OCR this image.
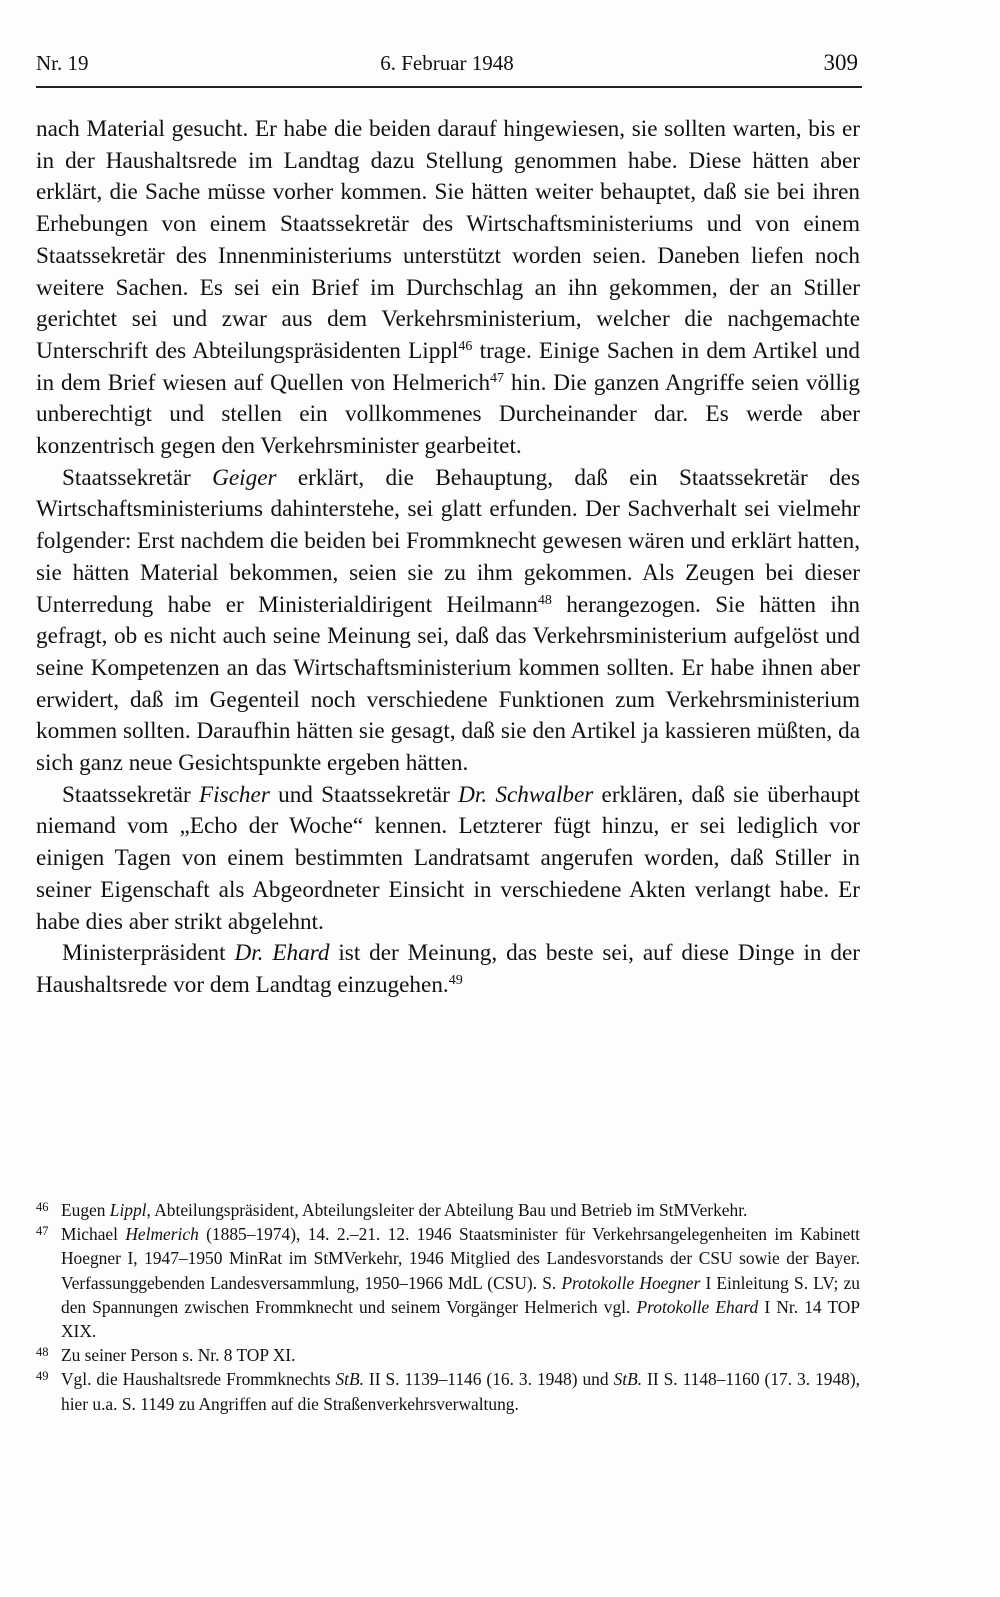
Nr. 19	6. Februar 1948	309

nach Material gesucht. Er habe die beiden darauf hingewiesen, sie sollten warten, bis er in der Haushaltsrede im Landtag dazu Stellung genommen habe. Diese hätten aber erklärt, die Sache müsse vorher kommen. Sie hätten weiter behauptet, daß sie bei ihren Erhebungen von einem Staatssekretär des Wirtschaftsministeriums und von einem Staatssekretär des Innenministeriums unterstützt worden seien. Daneben liefen noch weitere Sachen. Es sei ein Brief im Durchschlag an ihn gekommen, der an Stiller gerichtet sei und zwar aus dem Verkehrsministerium, welcher die nachgemachte Unterschrift des Abteilungspräsidenten Lippl$^{46}$ trage. Einige Sachen in dem Artikel und in dem Brief wiesen auf Quellen von Helmerich$^{47}$ hin. Die ganzen Angriffe seien völlig unberechtigt und stellen ein vollkommenes Durcheinander dar. Es werde aber konzentrisch gegen den Verkehrsminister gearbeitet.

Staatssekretär Geiger erklärt, die Behauptung, daß ein Staatssekretär des Wirtschaftsministeriums dahinterstehe, sei glatt erfunden. Der Sachverhalt sei vielmehr folgender: Erst nachdem die beiden bei Frommknecht gewesen wären und erklärt hatten, sie hätten Material bekommen, seien sie zu ihm gekommen. Als Zeugen bei dieser Unterredung habe er Ministerialdirigent Heilmann$^{48}$ herangezogen. Sie hätten ihn gefragt, ob es nicht auch seine Meinung sei, daß das Verkehrsministerium aufgelöst und seine Kompetenzen an das Wirtschaftsministerium kommen sollten. Er habe ihnen aber erwidert, daß im Gegenteil noch verschiedene Funktionen zum Verkehrsministerium kommen sollten. Daraufhin hätten sie gesagt, daß sie den Artikel ja kassieren müßten, da sich ganz neue Gesichtspunkte ergeben hätten.

Staatssekretär Fischer und Staatssekretär Dr. Schwalber erklären, daß sie überhaupt niemand vom „Echo der Woche“ kennen. Letzterer fügt hinzu, er sei lediglich vor einigen Tagen von einem bestimmten Landratsamt angerufen worden, daß Stiller in seiner Eigenschaft als Abgeordneter Einsicht in verschiedene Akten verlangt habe. Er habe dies aber strikt abgelehnt.

Ministerpräsident Dr. Ehard ist der Meinung, das beste sei, auf diese Dinge in der Haushaltsrede vor dem Landtag einzugehen.$^{49}$

46 Eugen Lippl, Abteilungspräsident, Abteilungsleiter der Abteilung Bau und Betrieb im StMVerkehr.

47 Michael Helmerich (1885–1974), 14. 2.–21. 12. 1946 Staatsminister für Verkehrsangelegenheiten im Kabinett Hoegner I, 1947–1950 MinRat im StMVerkehr, 1946 Mitglied des Landesvorstands der CSU sowie der Bayer. Verfassunggebenden Landesversammlung, 1950–1966 MdL (CSU). S. Protokolle Hoegner I Einleitung S. LV; zu den Spannungen zwischen Frommknecht und seinem Vorgänger Helmerich vgl. Protokolle Ehard I Nr. 14 TOP XIX.

48 Zu seiner Person s. Nr. 8 TOP XI.

49 Vgl. die Haushaltsrede Frommknechts StB. II S. 1139–1146 (16. 3. 1948) und StB. II S. 1148–1160 (17. 3. 1948), hier u.a. S. 1149 zu Angriffen auf die Straßenverkehrsverwaltung.
